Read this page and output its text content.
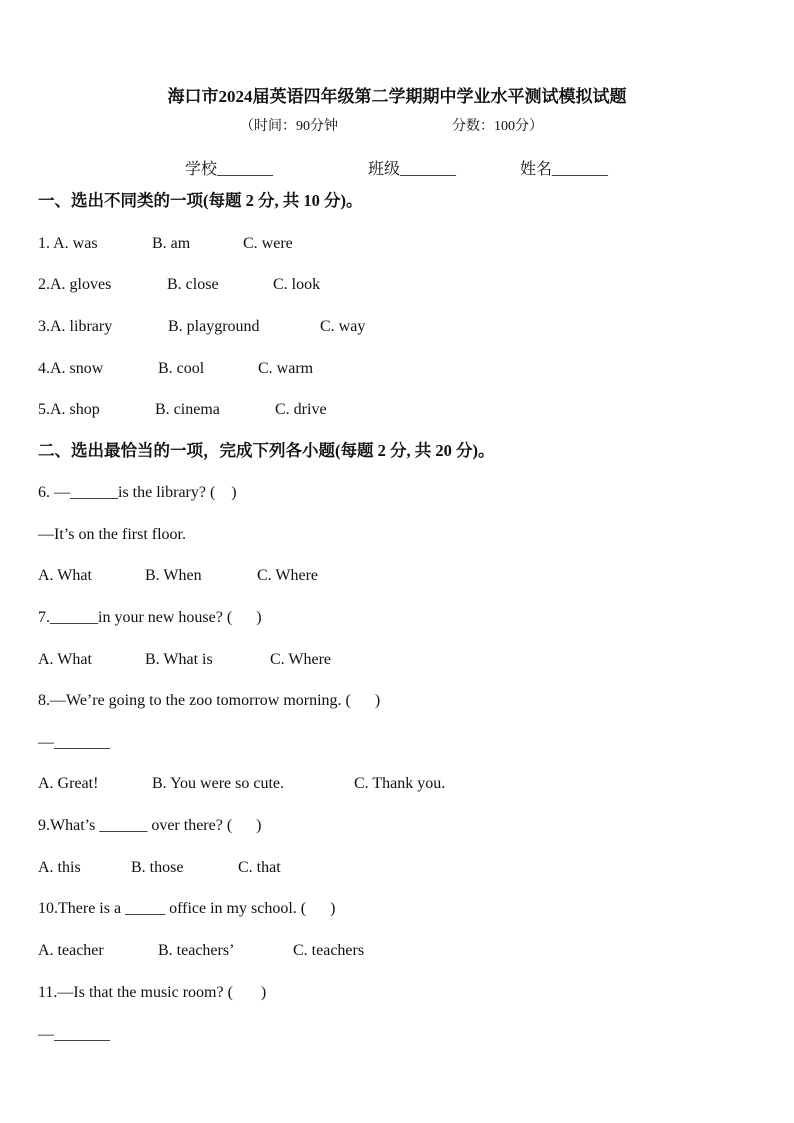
海口市2024届英语四年级第二学期期中学业水平测试模拟试题
（时间：90分钟	分数：100分）
学校_______	班级_______	姓名_______
一、选出不同类的一项(每题 2 分, 共 10 分)。
1. A. was	B. am	C. were
2.A. gloves	B. close	C. look
3.A. library	B. playground	C. way
4.A. snow	B. cool	C. warm
5.A. shop	B. cinema	C. drive
二、选出最恰当的一项，完成下列各小题(每题 2 分, 共 20 分)。
6. —______is the library? (    )
—It’s on the first floor.
A. What	B. When	C. Where
7.______in your new house? (      )
A. What	B. What is	C. Where
8.—We’re going to the zoo tomorrow morning. (      )
—_______
A. Great!	B. You were so cute.	C. Thank you.
9.What’s ______ over there? (      )
A. this	B. those	C. that
10.There is a _____ office in my school. (      )
A. teacher	B. teachers’	C. teachers
11.—Is that the music room? (       )
—_______
